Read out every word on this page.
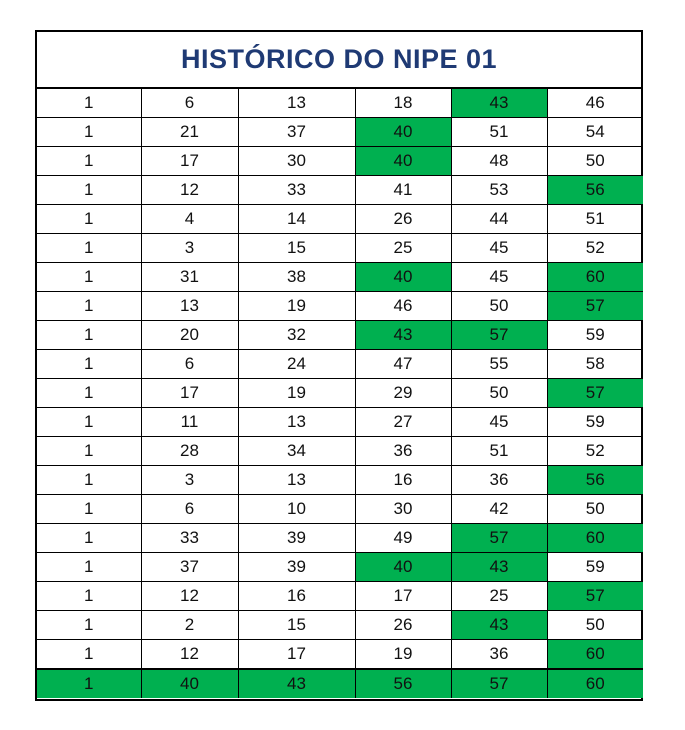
HISTÓRICO DO NIPE 01
1	6	13	18	43	46
1	21	37	40	51	54
1	17	30	40	48	50
1	12	33	41	53	56
1	4	14	26	44	51
1	3	15	25	45	52
1	31	38	40	45	60
1	13	19	46	50	57
1	20	32	43	57	59
1	6	24	47	55	58
1	17	19	29	50	57
1	11	13	27	45	59
1	28	34	36	51	52
1	3	13	16	36	56
1	6	10	30	42	50
1	33	39	49	57	60
1	37	39	40	43	59
1	12	16	17	25	57
1	2	15	26	43	50
1	12	17	19	36	60
1	40	43	56	57	60
